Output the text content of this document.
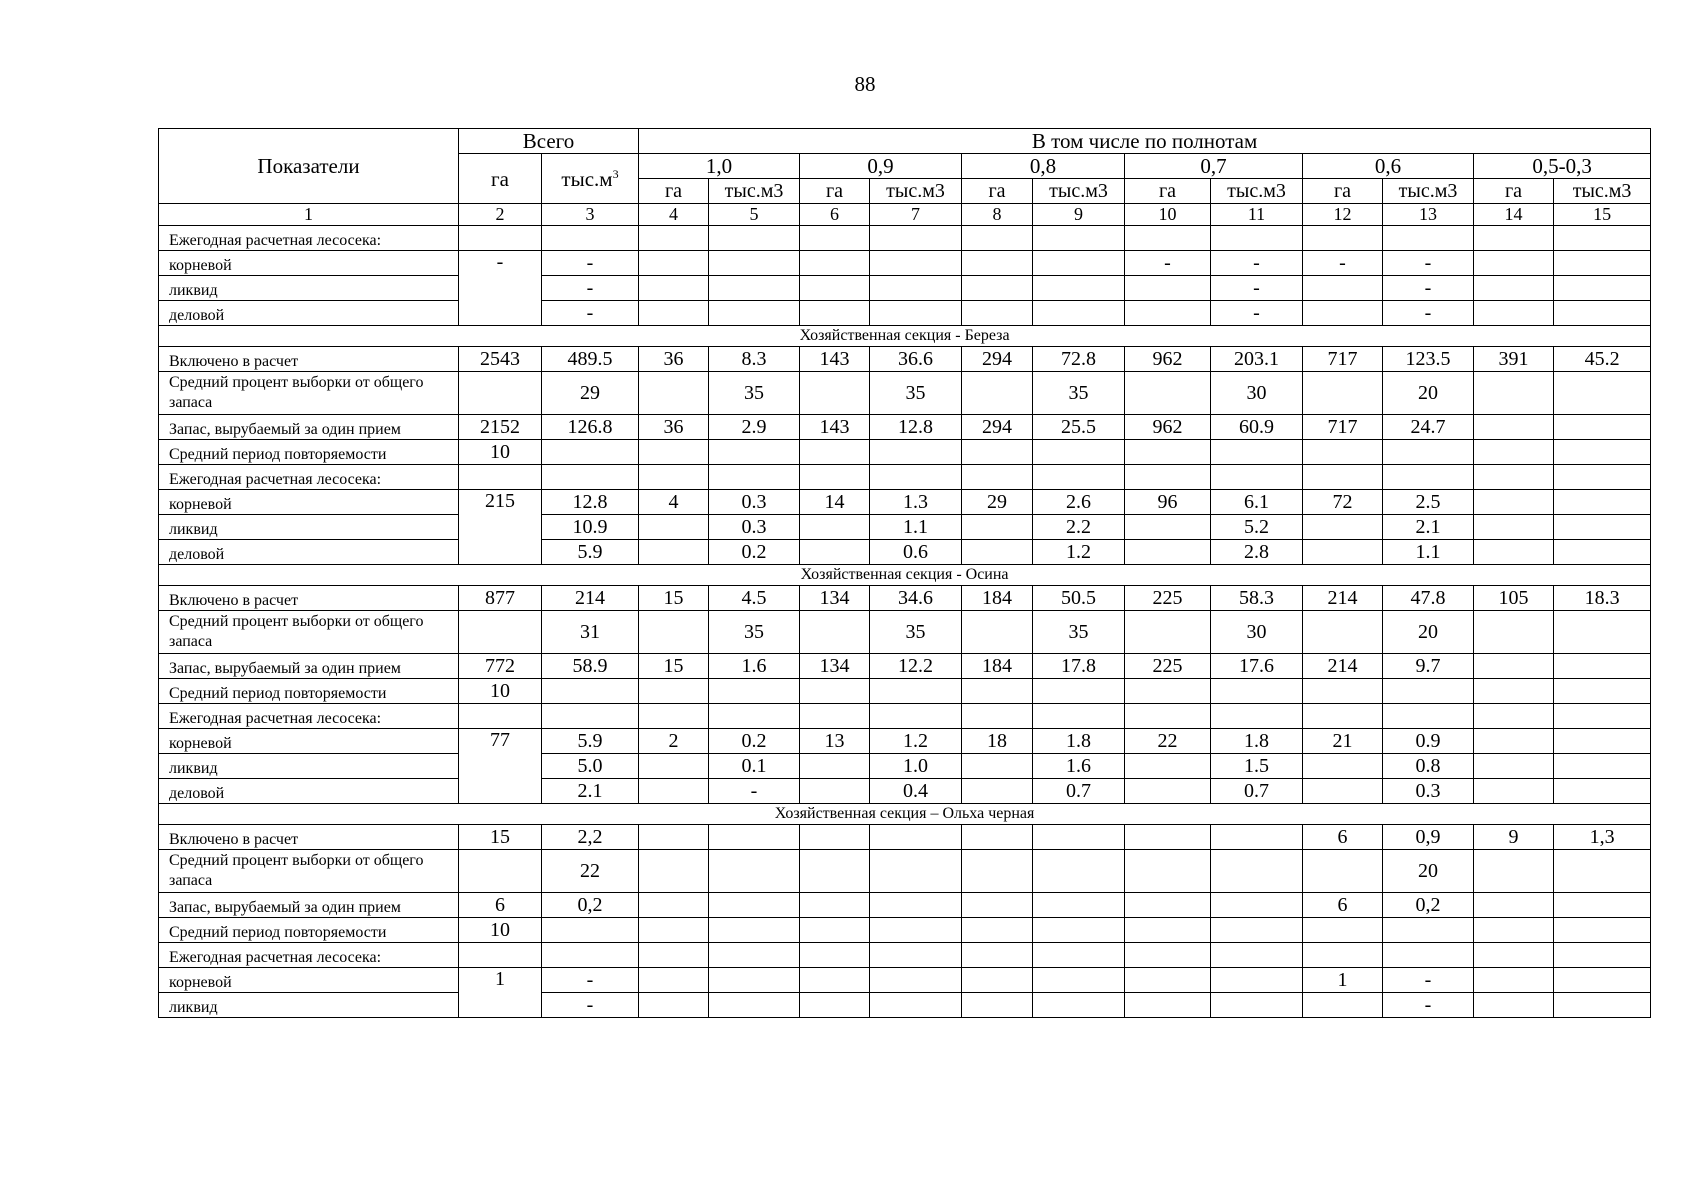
88
Показатели	Всего		В том числе по полнотам											
	га	$тыс.м^3$	1,0		0,9		0,8		0,7		0,6		0,5-0,3	
			га	тыс.м3	га	тыс.м3	га	тыс.м3	га	тыс.м3	га	тыс.м3	га	тыс.м3
1	2	3	4	5	6	7	8	9	10	11	12	13	14	15
Ежегодная расчетная лесосека:														
корневой	-	-							-	-	-	-		
ликвид		-								-		-		
деловой		-								-		-		
Хозяйственная секция - Береза														
Включено в расчет	2543	489.5	36	8.3	143	36.6	294	72.8	962	203.1	717	123.5	391	45.2
Средний процент выборки от общего запаса		29		35		35		35		30		20		
Запас, вырубаемый за один прием	2152	126.8	36	2.9	143	12.8	294	25.5	962	60.9	717	24.7		
Средний период повторяемости	10													
Ежегодная расчетная лесосека:														
корневой	215	12.8	4	0.3	14	1.3	29	2.6	96	6.1	72	2.5		
ликвид		10.9		0.3		1.1		2.2		5.2		2.1		
деловой		5.9		0.2		0.6		1.2		2.8		1.1		
Хозяйственная секция - Осина														
Включено в расчет	877	214	15	4.5	134	34.6	184	50.5	225	58.3	214	47.8	105	18.3
Средний процент выборки от общего запаса		31		35		35		35		30		20		
Запас, вырубаемый за один прием	772	58.9	15	1.6	134	12.2	184	17.8	225	17.6	214	9.7		
Средний период повторяемости	10													
Ежегодная расчетная лесосека:														
корневой	77	5.9	2	0.2	13	1.2	18	1.8	22	1.8	21	0.9		
ликвид		5.0		0.1		1.0		1.6		1.5		0.8		
деловой		2.1		-		0.4		0.7		0.7		0.3		
Хозяйственная секция – Ольха черная														
Включено в расчет	15	2,2									6	0,9	9	1,3
Средний процент выборки от общего запаса		22										20		
Запас, вырубаемый за один прием	6	0,2									6	0,2		
Средний период повторяемости	10													
Ежегодная расчетная лесосека:														
корневой	1	-									1	-		
ликвид		-										-		
